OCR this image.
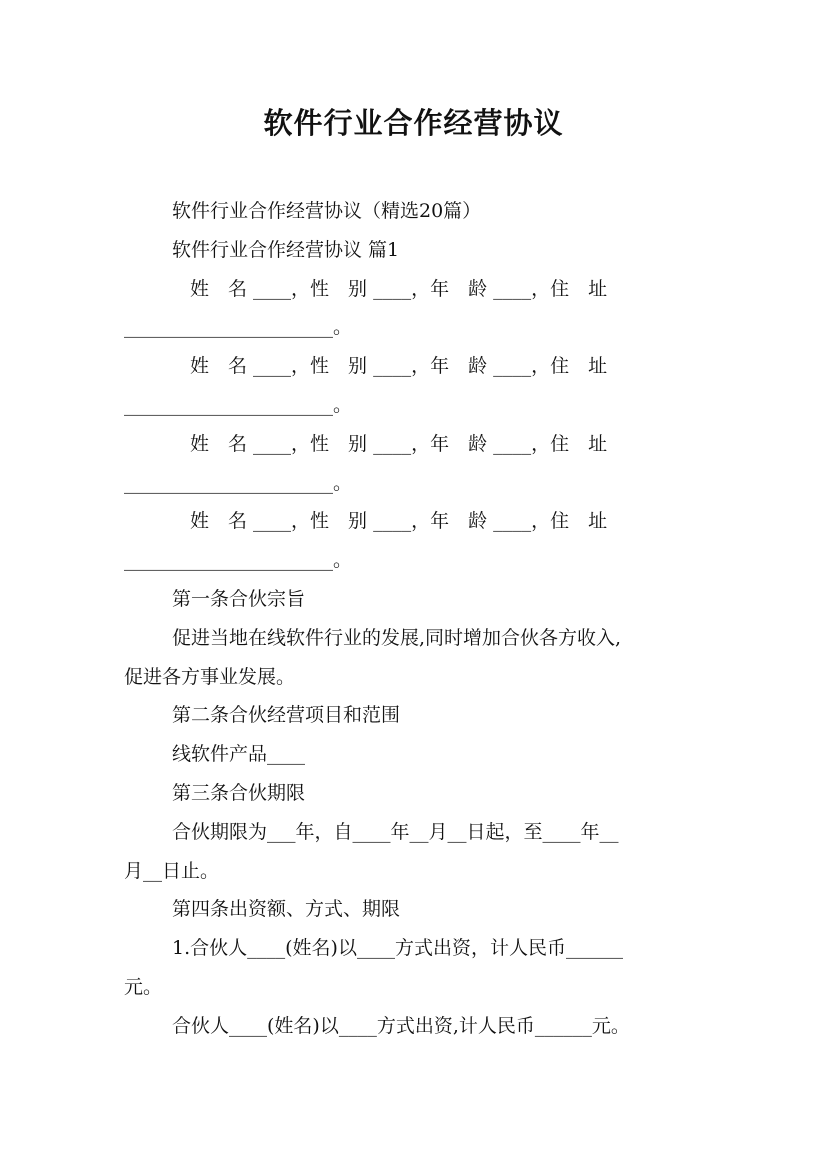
软件行业合作经营协议

软件行业合作经营协议（精选20篇）

软件行业合作经营协议 篇1

姓　名 ____，性　别 ____，年　龄 ____，住　址

______________________。

姓　名 ____，性　别 ____，年　龄 ____，住　址

______________________。

姓　名 ____，性　别 ____，年　龄 ____，住　址

______________________。

姓　名 ____，性　别 ____，年　龄 ____，住　址

______________________。

第一条合伙宗旨

促进当地在线软件行业的发展,同时增加合伙各方收入,

促进各方事业发展。

第二条合伙经营项目和范围

线软件产品____

第三条合伙期限

合伙期限为___年，自____年__月__日起，至____年__

月__日止。

第四条出资额、方式、期限

1.合伙人____(姓名)以____方式出资，计人民币______

元。

合伙人____(姓名)以____方式出资,计人民币______元。
